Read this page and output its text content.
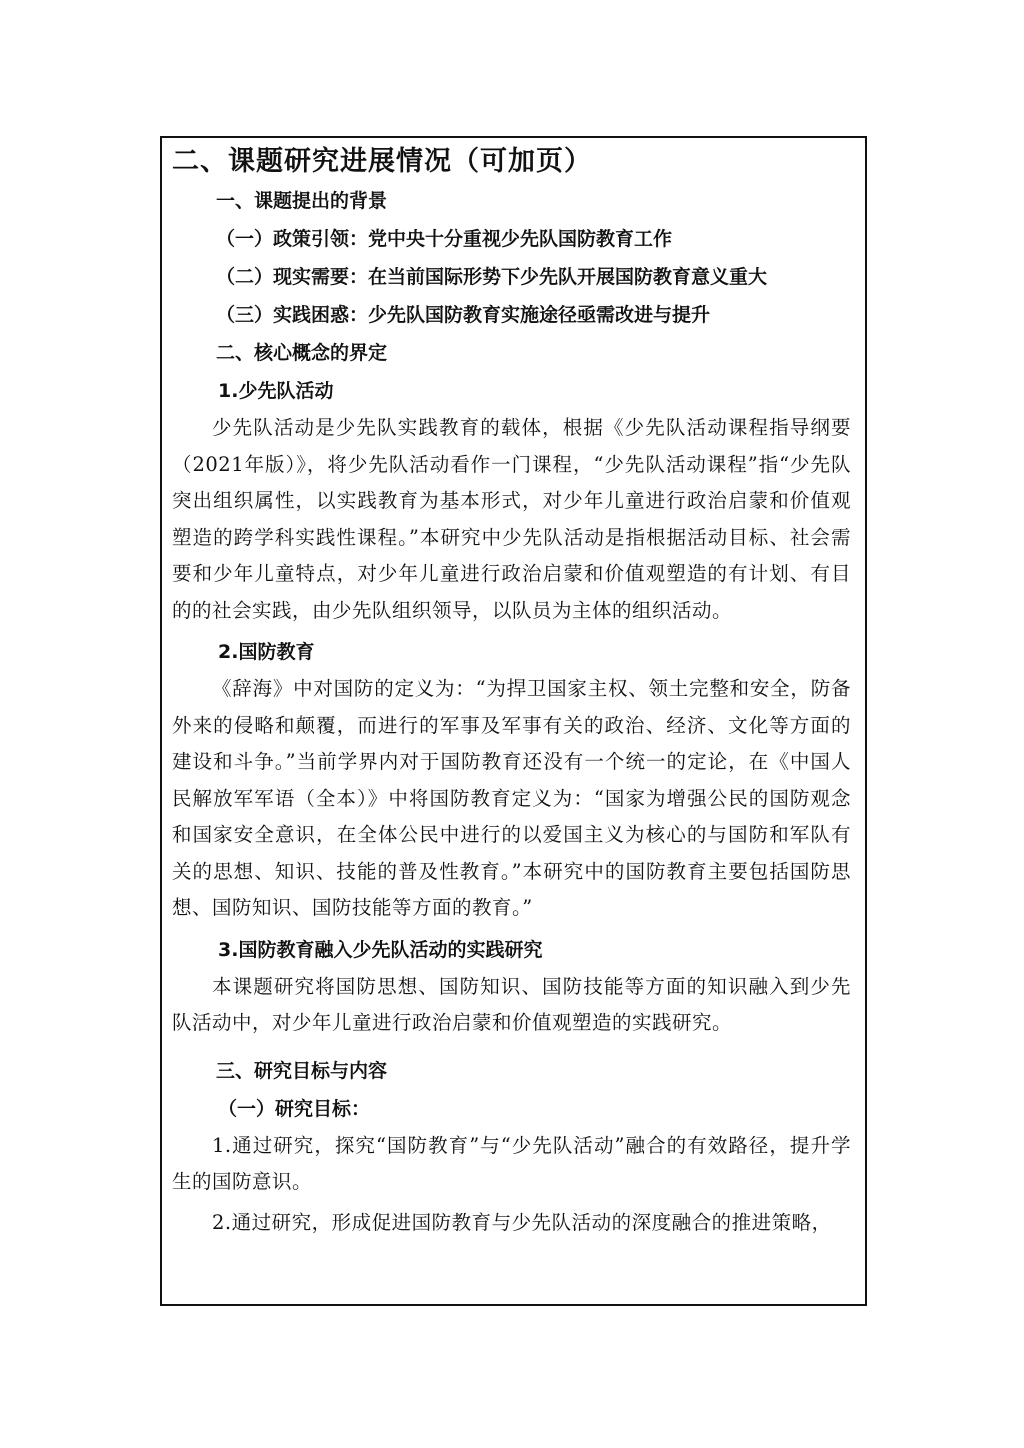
二、课题研究进展情况（可加页）
一、课题提出的背景
（一）政策引领：党中央十分重视少先队国防教育工作
（二）现实需要：在当前国际形势下少先队开展国防教育意义重大
（三）实践困惑：少先队国防教育实施途径亟需改进与提升
二、核心概念的界定
1.少先队活动

少先队活动是少先队实践教育的载体，根据《少先队活动课程指导纲要（2021年版）》，将少先队活动看作一门课程，“少先队活动课程”指“少先队突出组织属性，以实践教育为基本形式，对少年儿童进行政治启蒙和价值观塑造的跨学科实践性课程。”本研究中少先队活动是指根据活动目标、社会需要和少年儿童特点，对少年儿童进行政治启蒙和价值观塑造的有计划、有目的的社会实践，由少先队组织领导，以队员为主体的组织活动。

2.国防教育

《辞海》中对国防的定义为：“为捍卫国家主权、领土完整和安全，防备外来的侵略和颠覆，而进行的军事及军事有关的政治、经济、文化等方面的建设和斗争。”当前学界内对于国防教育还没有一个统一的定论，在《中国人民解放军军语（全本）》中将国防教育定义为：“国家为增强公民的国防观念和国家安全意识，在全体公民中进行的以爱国主义为核心的与国防和军队有关的思想、知识、技能的普及性教育。”本研究中的国防教育主要包括国防思想、国防知识、国防技能等方面的教育。”

3.国防教育融入少先队活动的实践研究

本课题研究将国防思想、国防知识、国防技能等方面的知识融入到少先队活动中，对少年儿童进行政治启蒙和价值观塑造的实践研究。

三、研究目标与内容
（一）研究目标：

1.通过研究，探究“国防教育”与“少先队活动”融合的有效路径，提升学生的国防意识。

2.通过研究，形成促进国防教育与少先队活动的深度融合的推进策略，
